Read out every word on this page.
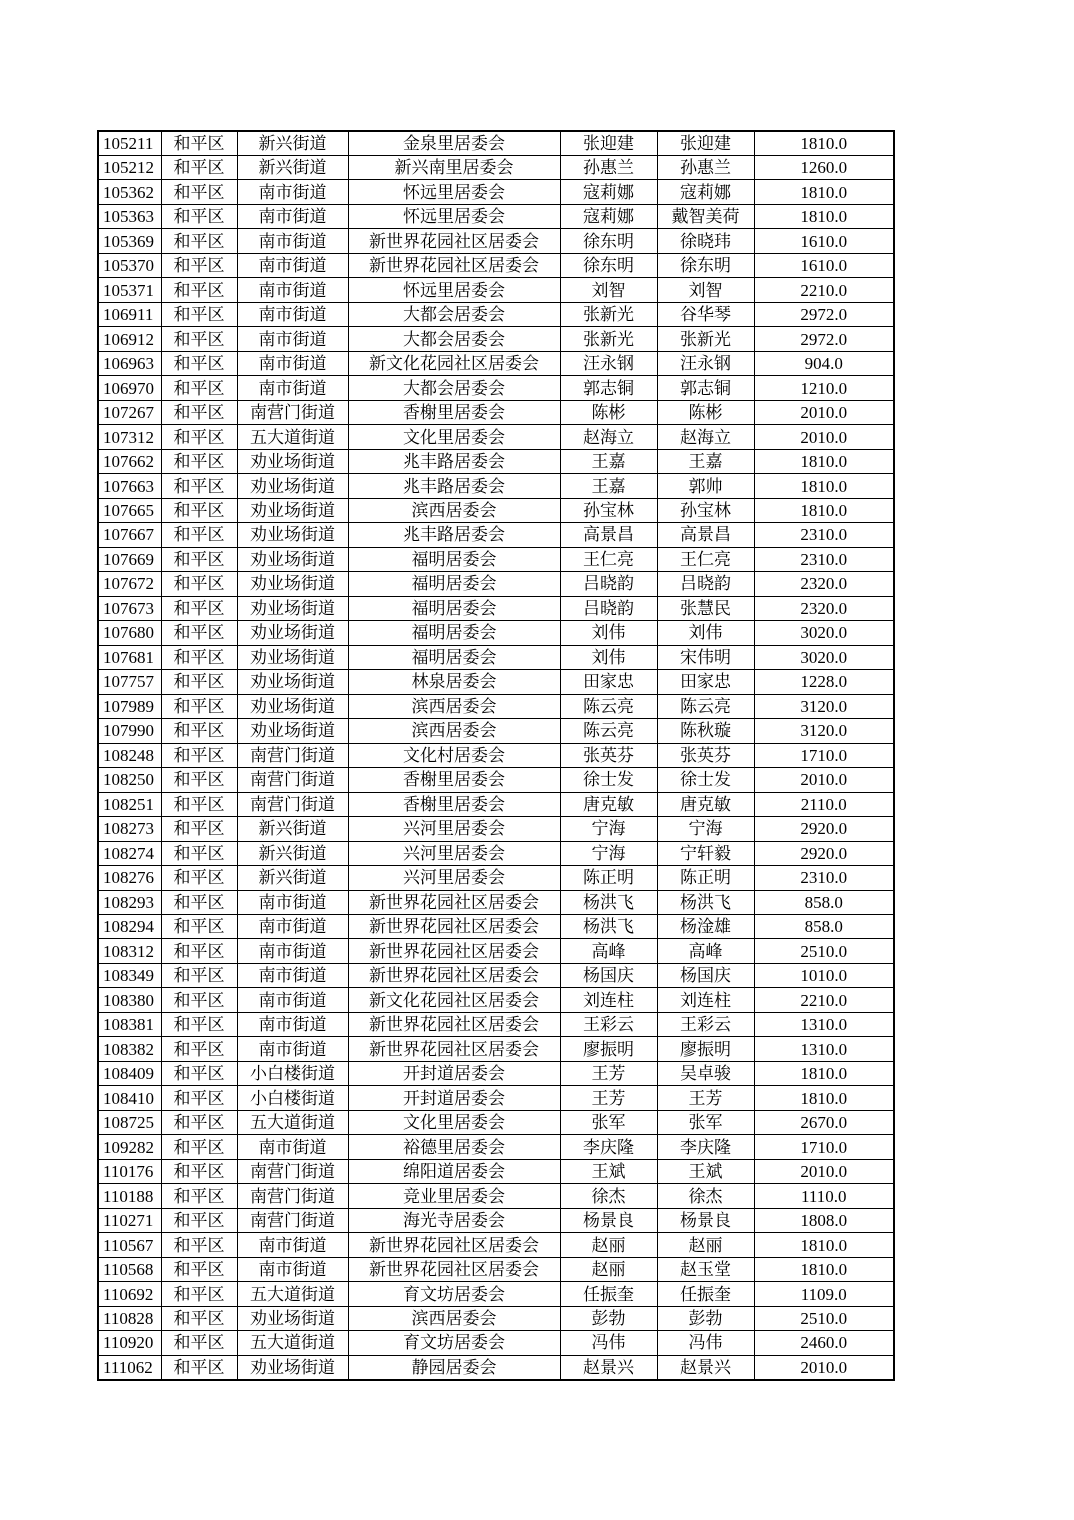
105211	和平区	新兴街道	金泉里居委会	张迎建	张迎建	1810.0
105212	和平区	新兴街道	新兴南里居委会	孙惠兰	孙惠兰	1260.0
105362	和平区	南市街道	怀远里居委会	寇莉娜	寇莉娜	1810.0
105363	和平区	南市街道	怀远里居委会	寇莉娜	戴智美荷	1810.0
105369	和平区	南市街道	新世界花园社区居委会	徐东明	徐晓玮	1610.0
105370	和平区	南市街道	新世界花园社区居委会	徐东明	徐东明	1610.0
105371	和平区	南市街道	怀远里居委会	刘智	刘智	2210.0
106911	和平区	南市街道	大都会居委会	张新光	谷华琴	2972.0
106912	和平区	南市街道	大都会居委会	张新光	张新光	2972.0
106963	和平区	南市街道	新文化花园社区居委会	汪永钢	汪永钢	904.0
106970	和平区	南市街道	大都会居委会	郭志铜	郭志铜	1210.0
107267	和平区	南营门街道	香榭里居委会	陈彬	陈彬	2010.0
107312	和平区	五大道街道	文化里居委会	赵海立	赵海立	2010.0
107662	和平区	劝业场街道	兆丰路居委会	王嘉	王嘉	1810.0
107663	和平区	劝业场街道	兆丰路居委会	王嘉	郭帅	1810.0
107665	和平区	劝业场街道	滨西居委会	孙宝林	孙宝林	1810.0
107667	和平区	劝业场街道	兆丰路居委会	高景昌	高景昌	2310.0
107669	和平区	劝业场街道	福明居委会	王仁亮	王仁亮	2310.0
107672	和平区	劝业场街道	福明居委会	吕晓韵	吕晓韵	2320.0
107673	和平区	劝业场街道	福明居委会	吕晓韵	张慧民	2320.0
107680	和平区	劝业场街道	福明居委会	刘伟	刘伟	3020.0
107681	和平区	劝业场街道	福明居委会	刘伟	宋伟明	3020.0
107757	和平区	劝业场街道	林泉居委会	田家忠	田家忠	1228.0
107989	和平区	劝业场街道	滨西居委会	陈云亮	陈云亮	3120.0
107990	和平区	劝业场街道	滨西居委会	陈云亮	陈秋璇	3120.0
108248	和平区	南营门街道	文化村居委会	张英芬	张英芬	1710.0
108250	和平区	南营门街道	香榭里居委会	徐士发	徐士发	2010.0
108251	和平区	南营门街道	香榭里居委会	唐克敏	唐克敏	2110.0
108273	和平区	新兴街道	兴河里居委会	宁海	宁海	2920.0
108274	和平区	新兴街道	兴河里居委会	宁海	宁轩毅	2920.0
108276	和平区	新兴街道	兴河里居委会	陈正明	陈正明	2310.0
108293	和平区	南市街道	新世界花园社区居委会	杨洪飞	杨洪飞	858.0
108294	和平区	南市街道	新世界花园社区居委会	杨洪飞	杨淦雄	858.0
108312	和平区	南市街道	新世界花园社区居委会	高峰	高峰	2510.0
108349	和平区	南市街道	新世界花园社区居委会	杨国庆	杨国庆	1010.0
108380	和平区	南市街道	新文化花园社区居委会	刘连柱	刘连柱	2210.0
108381	和平区	南市街道	新世界花园社区居委会	王彩云	王彩云	1310.0
108382	和平区	南市街道	新世界花园社区居委会	廖振明	廖振明	1310.0
108409	和平区	小白楼街道	开封道居委会	王芳	吴卓骏	1810.0
108410	和平区	小白楼街道	开封道居委会	王芳	王芳	1810.0
108725	和平区	五大道街道	文化里居委会	张军	张军	2670.0
109282	和平区	南市街道	裕德里居委会	李庆隆	李庆隆	1710.0
110176	和平区	南营门街道	绵阳道居委会	王斌	王斌	2010.0
110188	和平区	南营门街道	竞业里居委会	徐杰	徐杰	1110.0
110271	和平区	南营门街道	海光寺居委会	杨景良	杨景良	1808.0
110567	和平区	南市街道	新世界花园社区居委会	赵丽	赵丽	1810.0
110568	和平区	南市街道	新世界花园社区居委会	赵丽	赵玉堂	1810.0
110692	和平区	五大道街道	育文坊居委会	任振奎	任振奎	1109.0
110828	和平区	劝业场街道	滨西居委会	彭勃	彭勃	2510.0
110920	和平区	五大道街道	育文坊居委会	冯伟	冯伟	2460.0
111062	和平区	劝业场街道	静园居委会	赵景兴	赵景兴	2010.0
